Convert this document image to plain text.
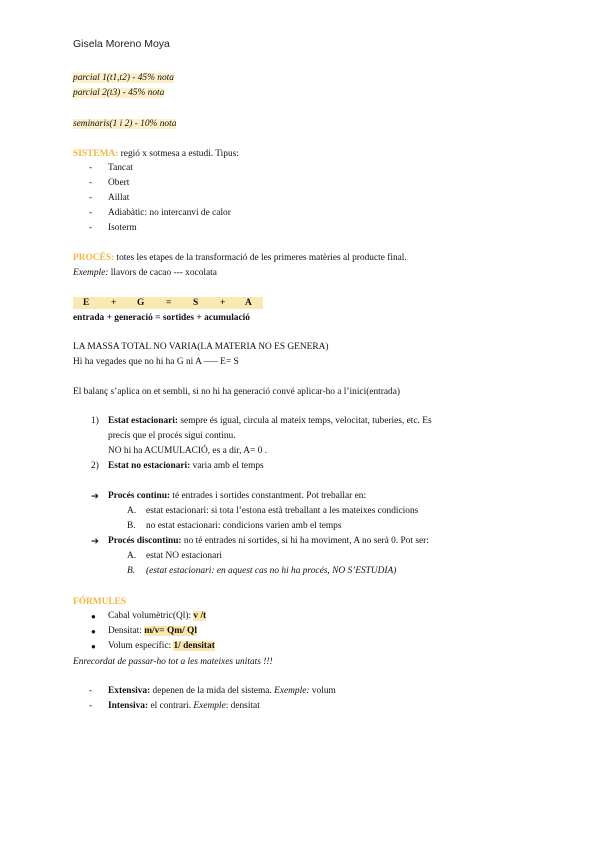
Gisela Moreno Moya
parcial 1(t1,t2) - 45% nota
parcial 2(t3) - 45% nota
seminaris(1 i 2) - 10% nota
SISTEMA: regió x sotmesa a estudi. Tipus:
- Tancat
- Obert
- Aillat
- Adiabàtic: no intercanvi de calor
- Isoterm
PROCÉS: totes les etapes de la transformació de les primeres matèries al producte final.
Exemple: llavors de cacao --- xocolata
E + G = S + A
entrada + generació = sortides + acumulació
LA MASSA TOTAL NO VARIA(LA MATERIA NO ES GENERA)
Hi ha vegades que no hi ha G ni A —– E= S
El balanç s’aplica on et sembli, si no hi ha generació convé aplicar-ho a l’inici(entrada)
1) Estat estacionari: sempre és igual, circula al mateix temps, velocitat, tuberies, etc. Es
precís que el procés sigui continu.
NO hi ha ACUMULACIÓ, es a dir, A= 0 .
2) Estat no estacionari: varia amb el temps
➔ Procés continu: té entrades i sortides constantment. Pot treballar en:
A. estat estacionari: si tota l’estona està treballant a les mateixes condicions
B. no estat estacionari: condicions varien amb el temps
➔ Procés discontinu: no té entrades ni sortides, si hi ha moviment, A no serà 0. Pot ser:
A. estat NO estacionari
B. (estat estacionari: en aquest cas no hi ha procés, NO S’ESTUDIA)
FÓRMULES
● Cabal volumètric(Ql): v /t
● Densitat: m/v= Qm/ Ql
● Volum específic: 1/ densitat
Enrecordat de passar-ho tot a les mateixes unitats !!!
- Extensiva: depenen de la mida del sistema. Exemple: volum
- Intensiva: el contrari. Exemple: densitat
